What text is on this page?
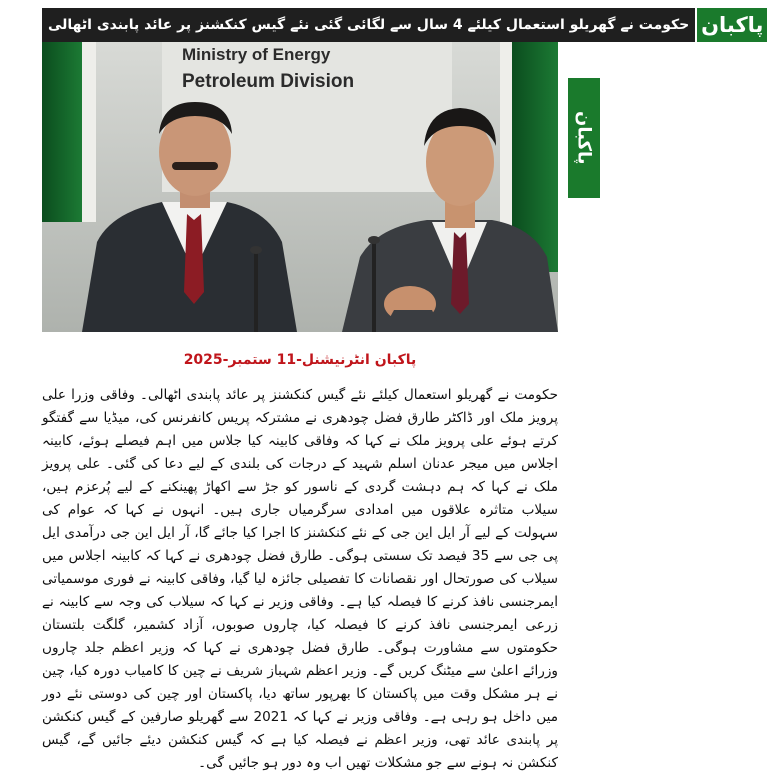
حکومت نے گھریلو استعمال کیلئے 4 سال سے لگائی گئی نئے گیس کنکشنز پر عائد پابندی اٹھالی پاکبان
Ministry of Energy
Petroleum Division
پاکبان
پاکبان انٹرنیشنل-11 ستمبر-2025
حکومت نے گھریلو استعمال کیلئے نئے گیس کنکشنز پر عائد پابندی اٹھالی۔ وفاقی وزرا علی پرویز ملک اور ڈاکٹر طارق فضل چودھری نے مشترکہ پریس کانفرنس کی، میڈیا سے گفتگو کرتے ہوئے علی پرویز ملک نے کہا کہ وفاقی کابینہ کیا جلاس میں اہم فیصلے ہوئے، کابینہ اجلاس میں میجر عدنان اسلم شہید کے درجات کی بلندی کے لیے دعا کی گئی۔ علی پرویز ملک نے کہا کہ ہم دہشت گردی کے ناسور کو جڑ سے اکھاڑ پھینکنے کے لیے پُرعزم ہیں، سیلاب متاثرہ علاقوں میں امدادی سرگرمیاں جاری ہیں۔ انہوں نے کہا کہ عوام کی سہولت کے لیے آر ایل این جی کے نئے کنکشنز کا اجرا کیا جائے گا، آر ایل این جی درآمدی ایل پی جی سے 35 فیصد تک سستی ہوگی۔ طارق فضل چودھری نے کہا کہ کابینہ اجلاس میں سیلاب کی صورتحال اور نقصانات کا تفصیلی جائزہ لیا گیا، وفاقی کابینہ نے فوری موسمیاتی ایمرجنسی نافذ کرنے کا فیصلہ کیا ہے۔ وفاقی وزیر نے کہا کہ سیلاب کی وجہ سے کابینہ نے زرعی ایمرجنسی نافذ کرنے کا فیصلہ کیا، چاروں صوبوں، آزاد کشمیر، گلگت بلتستان حکومتوں سے مشاورت ہوگی۔ طارق فضل چودھری نے کہا کہ وزیر اعظم جلد چاروں وزرائے اعلیٰ سے میٹنگ کریں گے۔ وزیر اعظم شہباز شریف نے چین کا کامیاب دورہ کیا، چین نے ہر مشکل وقت میں پاکستان کا بھرپور ساتھ دیا، پاکستان اور چین کی دوستی نئے دور میں داخل ہو رہی ہے۔ وفاقی وزیر نے کہا کہ 2021 سے گھریلو صارفین کے گیس کنکشن پر پابندی عائد تھی، وزیر اعظم نے فیصلہ کیا ہے کہ گیس کنکشن دیئے جائیں گے، گیس کنکشن نہ ہونے سے جو مشکلات تھیں اب وہ دور ہو جائیں گی۔
